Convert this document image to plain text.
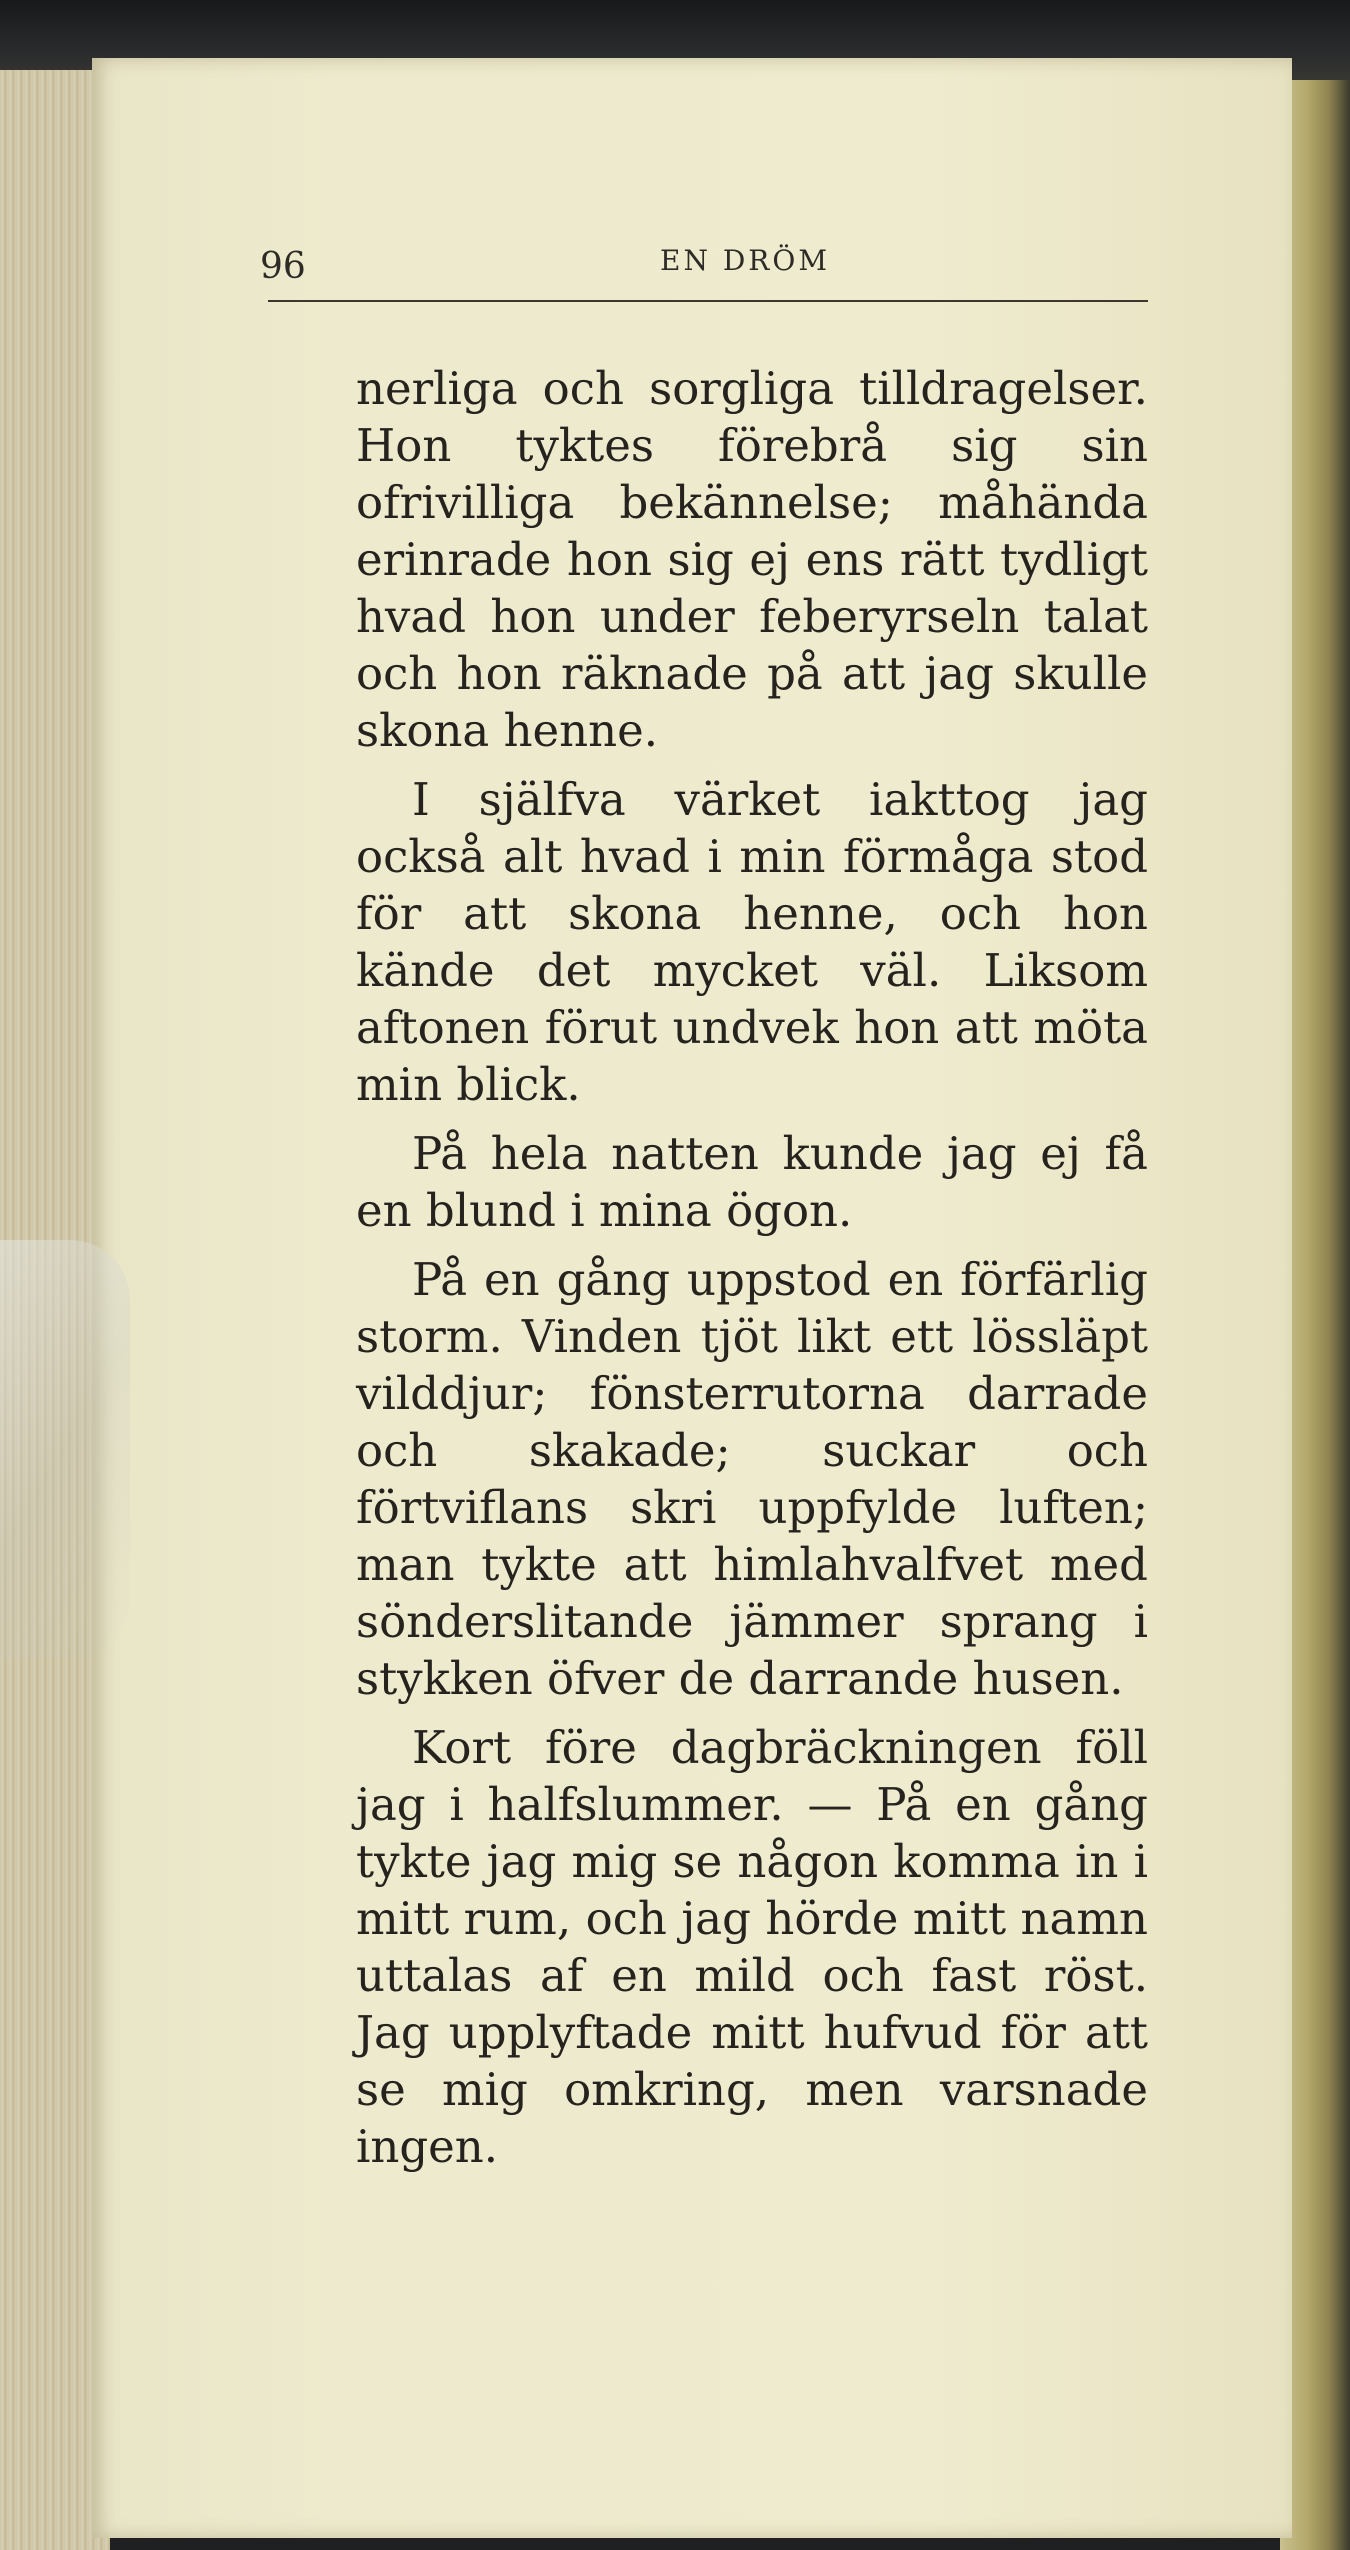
96	EN DRÖM

nerliga och sorgliga tilldragelser. Hon tyktes förebrå sig sin ofrivilliga bekännelse; måhända erinrade hon sig ej ens rätt tydligt hvad hon under feberyrseln talat och hon räknade på att jag skulle skona henne.

I själfva värket iakttog jag också alt hvad i min förmåga stod för att skona henne, och hon kände det mycket väl. Liksom aftonen förut undvek hon att möta min blick.

På hela natten kunde jag ej få en blund i mina ögon.

På en gång uppstod en förfärlig storm. Vinden tjöt likt ett lössläpt vilddjur; fönsterrutorna darrade och skakade; suckar och förtviflans skri uppfylde luften; man tykte att himlahvalfvet med sönderslitande jämmer sprang i stykken öfver de darrande husen.

Kort före dagbräckningen föll jag i halfslummer. — På en gång tykte jag mig se någon komma in i mitt rum, och jag hörde mitt namn uttalas af en mild och fast röst. Jag upplyftade mitt hufvud för att se mig omkring, men varsnade ingen.
